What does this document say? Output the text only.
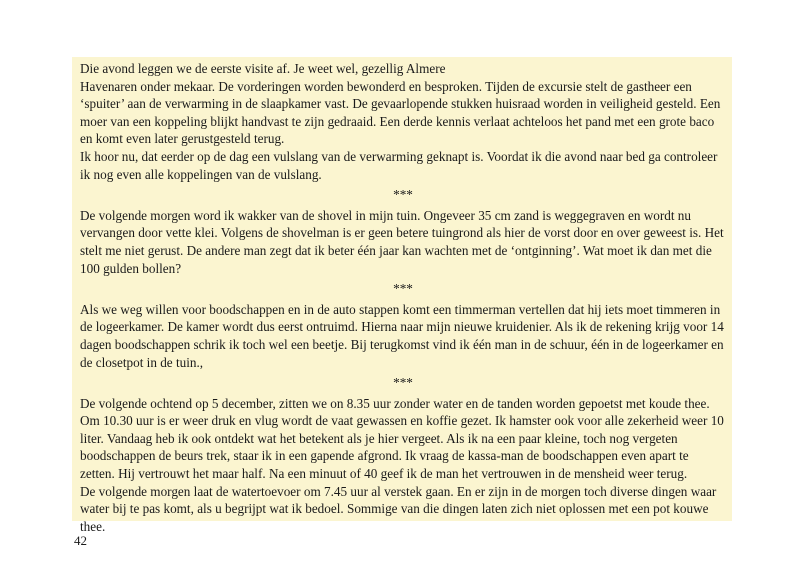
Die avond leggen we de eerste visite af. Je weet wel, gezellig Almere
Havenaren onder mekaar. De vorderingen worden bewonderd en besproken. Tijden de excursie stelt de gastheer een ‘spuiter’ aan de verwarming in de slaapkamer vast. De gevaarlopende stukken huisraad worden in veiligheid gesteld. Een moer van een koppeling blijkt handvast te zijn gedraaid. Een derde kennis verlaat achteloos het pand met een grote baco en komt even later gerustgesteld terug.
Ik hoor nu, dat eerder op de dag een vulslang van de verwarming geknapt is. Voordat ik die avond naar bed ga controleer ik nog even alle koppelingen van de vulslang.

***

De volgende morgen word ik wakker van de shovel in mijn tuin. Ongeveer 35 cm zand is weggegraven en wordt nu vervangen door vette klei. Volgens de shovelman is er geen betere tuingrond als hier de vorst door en over geweest is. Het stelt me niet gerust. De andere man zegt dat ik beter één jaar kan wachten met de ‘ontginning’. Wat moet ik dan met die 100 gulden bollen?

***

Als we weg willen voor boodschappen en in de auto stappen komt een timmerman vertellen dat hij iets moet timmeren in de logeerkamer. De kamer wordt dus eerst ontruimd. Hierna naar mijn nieuwe kruidenier. Als ik de rekening krijg voor 14 dagen boodschappen schrik ik toch wel een beetje. Bij terugkomst vind ik één man in de schuur, één in de logeerkamer en de closetpot in de tuin.,

***

De volgende ochtend op 5 december, zitten we on 8.35 uur zonder water en de tanden worden gepoetst met koude thee. Om 10.30 uur is er weer druk en vlug wordt de vaat gewassen en koffie gezet. Ik hamster ook voor alle zekerheid weer 10 liter. Vandaag heb ik ook ontdekt wat het betekent als je hier vergeet. Als ik na een paar kleine, toch nog vergeten boodschappen de beurs trek, staar ik in een gapende afgrond. Ik vraag de kassa-man de boodschappen even apart te zetten. Hij vertrouwt het maar half. Na een minuut of 40 geef ik de man het vertrouwen in de mensheid weer terug.
De volgende morgen laat de watertoevoer om 7.45 uur al verstek gaan. En er zijn in de morgen toch diverse dingen waar water bij te pas komt, als u begrijpt wat ik bedoel. Sommige van die dingen laten zich niet oplossen met een pot kouwe thee.

42
